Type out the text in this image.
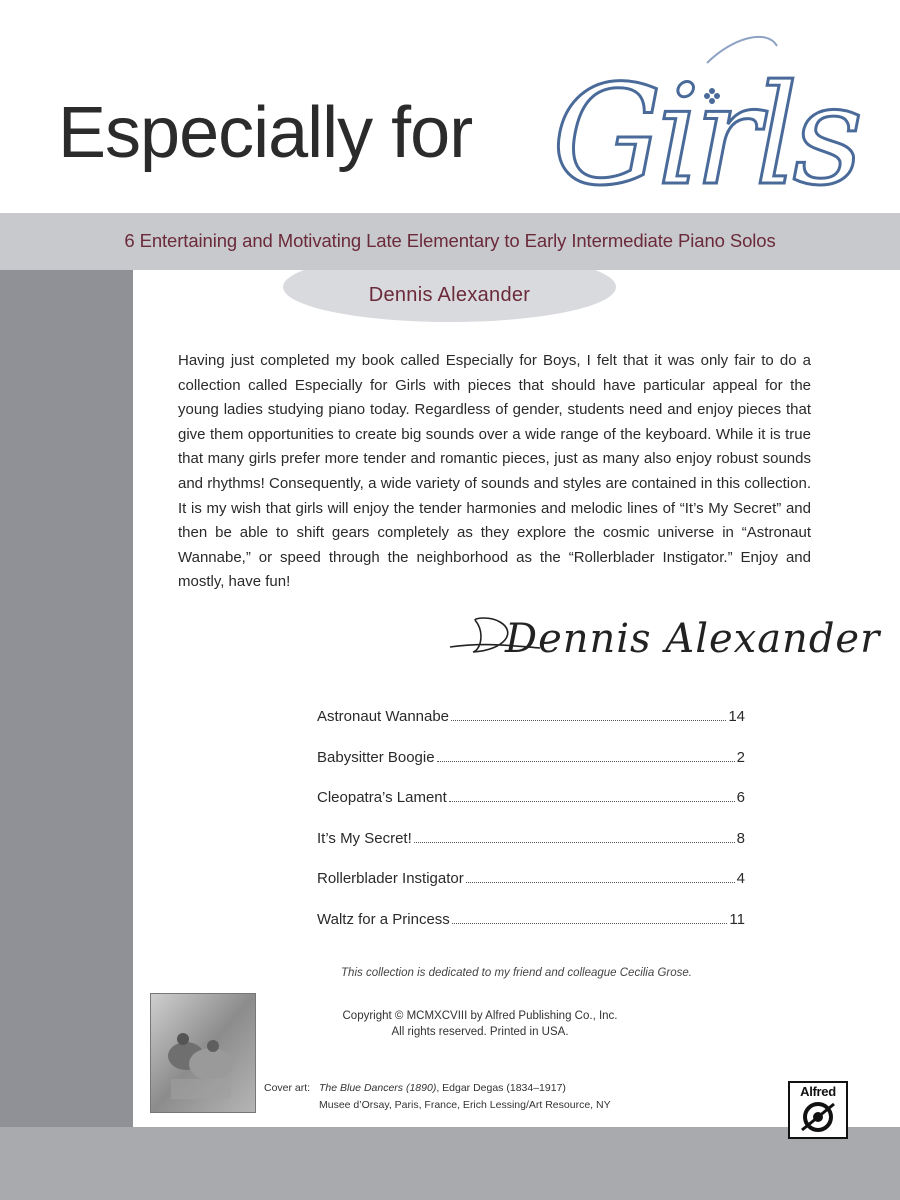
6 Entertaining and Motivating Late Elementary to Early Intermediate Piano Solos
Dennis Alexander
Especially for Girls
Having just completed my book called Especially for Boys, I felt that it was only fair to do a collection called Especially for Girls with pieces that should have particular appeal for the young ladies studying piano today. Regardless of gender, students need and enjoy pieces that give them opportunities to create big sounds over a wide range of the keyboard. While it is true that many girls prefer more tender and romantic pieces, just as many also enjoy robust sounds and rhythms! Consequently, a wide variety of sounds and styles are contained in this collection. It is my wish that girls will enjoy the tender harmonies and melodic lines of “It’s My Secret” and then be able to shift gears completely as they explore the cosmic universe in “Astronaut Wannabe,” or speed through the neighborhood as the “Rollerblader Instigator.” Enjoy and mostly, have fun!
Dennis Alexander
Astronaut Wannabe	14
Babysitter Boogie	2
Cleopatra’s Lament	6
It’s My Secret!	8
Rollerblader Instigator	4
Waltz for a Princess	11
This collection is dedicated to my friend and colleague Cecilia Grose.
Copyright © MCMXCVIII by Alfred Publishing Co., Inc.
All rights reserved. Printed in USA.
Cover art: The Blue Dancers (1890), Edgar Degas (1834–1917)
Musee d’Orsay, Paris, France, Erich Lessing/Art Resource, NY
Alfred
